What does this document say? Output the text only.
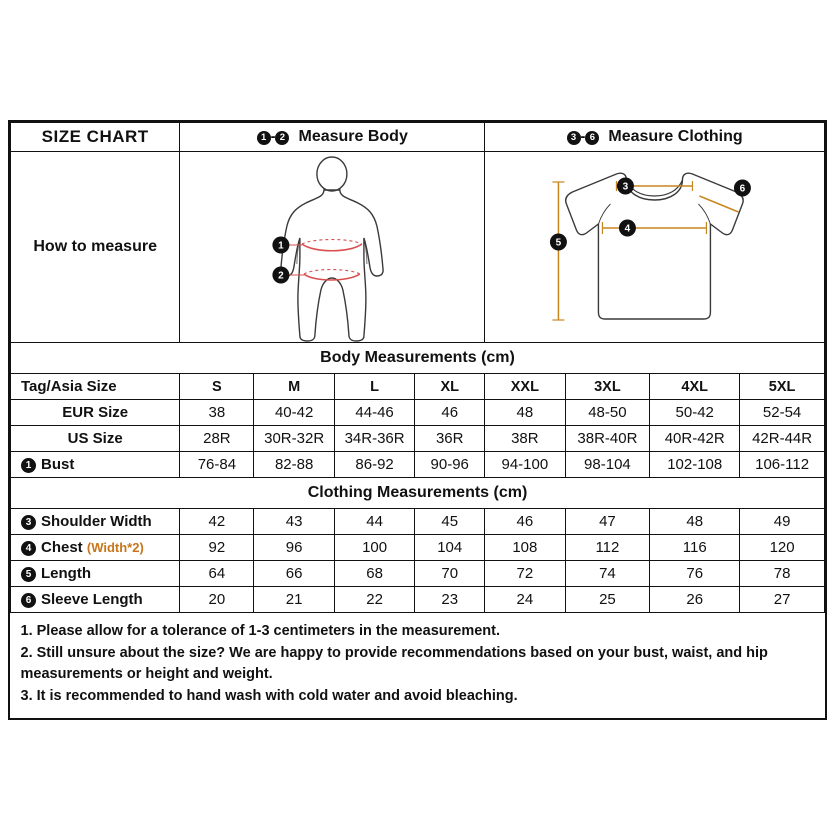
SIZE CHART	1 - 2 Measure Body				3 - 6 Measure Clothing			
How to measure	1
2				3
4
5
6			

Body Measurements (cm)								
Tag/Asia Size	S	M	L	XL	XXL	3XL	4XL	5XL
EUR Size	38	40-42	44-46	46	48	48-50	50-42	52-54
US Size	28R	30R-32R	34R-36R	36R	38R	38R-40R	40R-42R	42R-44R
1 Bust	76-84	82-88	86-92	90-96	94-100	98-104	102-108	106-112
Clothing Measurements (cm)								
3 Shoulder Width	42	43	44	45	46	47	48	49
4 Chest (Width*2)	92	96	100	104	108	112	116	120
5 Length	64	66	68	70	72	74	76	78
6 Sleeve Length	20	21	22	23	24	25	26	27

1. Please allow for a tolerance of 1-3 centimeters in the measurement.
2. Still unsure about the size? We are happy to provide recommendations based on your bust, waist, and hip measurements or height and weight.
3. It is recommended to hand wash with cold water and avoid bleaching.								
